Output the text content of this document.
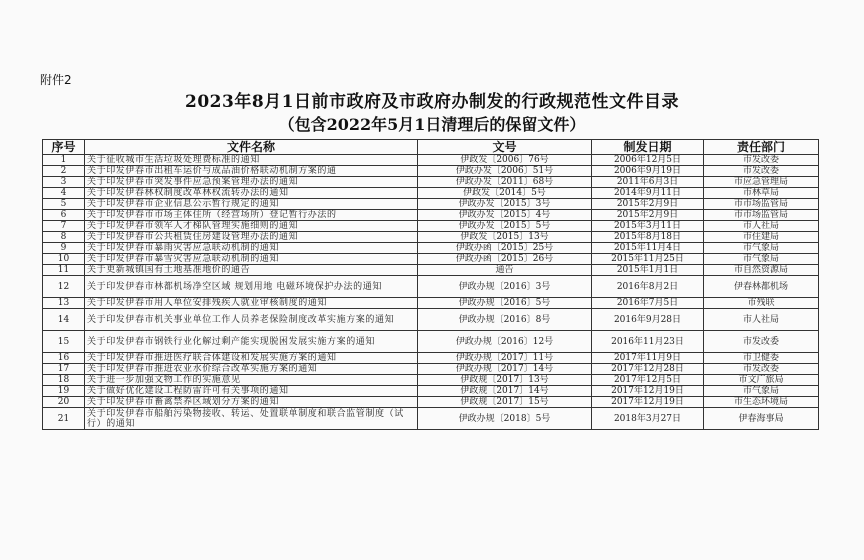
附件2
2023年8月1日前市政府及市政府办制发的行政规范性文件目录
（包含2022年5月1日清理后的保留文件）
序号	文件名称	文号	制发日期	责任部门
1	关于征收城市生活垃圾处理费标准的通知	伊政发〔2006〕76号	2006年12月5日	市发改委
2	关于印发伊春市出租车运价与成品油价格联动机制方案的通	伊政办发〔2006〕51号	2006年9月19日	市发改委
3	关于印发伊春市突发事件应急预案管理办法的通知	伊政办发〔2011〕68号	2011年6月3日	市应急管理局
4	关于印发伊春林权制度改革林权流转办法的通知	伊政发〔2014〕5号	2014年9月11日	市林草局
5	关于印发伊春市企业信息公示暂行规定的通知	伊政办发〔2015〕3号	2015年2月9日	市市场监管局
6	关于印发伊春市市场主体住所（经营场所）登记暂行办法的	伊政办发〔2015〕4号	2015年2月9日	市市场监管局
7	关于印发伊春市领军人才梯队管理实施细则的通知	伊政办发〔2015〕5号	2015年3月11日	市人社局
8	关于印发伊春市公共租赁住房建设管理办法的通知	伊政发〔2015〕13号	2015年8月18日	市住建局
9	关于印发伊春市暴雨灾害应急联动机制的通知	伊政办函〔2015〕25号	2015年11月4日	市气象局
10	关于印发伊春市暴雪灾害应急联动机制的通知	伊政办函〔2015〕26号	2015年11月25日	市气象局
11	关于更新城镇国有土地基准地价的通告	通告	2015年1月1日	市自然资源局
12	关于印发伊春市林都机场净空区域 规划用地 电磁环境保护办法的通知	伊政办规〔2016〕3号	2016年8月2日	伊春林都机场
13	关于印发伊春市用人单位安排残疾人就业审核制度的通知	伊政办规〔2016〕5号	2016年7月5日	市残联
14	关于印发伊春市机关事业单位工作人员养老保险制度改革实施方案的通知	伊政办规〔2016〕8号	2016年9月28日	市人社局
15	关于印发伊春市钢铁行业化解过剩产能实现脱困发展实施方案的通知	伊政办规〔2016〕12号	2016年11月23日	市发改委
16	关于印发伊春市推进医疗联合体建设和发展实施方案的通知	伊政办规〔2017〕11号	2017年11月9日	市卫健委
17	关于印发伊春市推进农业水价综合改革实施方案的通知	伊政办规〔2017〕14号	2017年12月28日	市发改委
18	关于进一步加强文物工作的实施意见	伊政规〔2017〕13号	2017年12月5日	市文广旅局
19	关于做好优化建设工程防雷许可有关事项的通知	伊政规〔2017〕14号	2017年12月19日	市气象局
20	关于印发伊春市畜禽禁养区域划分方案的通知	伊政规〔2017〕15号	2017年12月19日	市生态环境局
21	关于印发伊春市船舶污染物接收、转运、处置联单制度和联合监管制度（试行）的通知	伊政办规〔2018〕5号	2018年3月27日	伊春海事局
